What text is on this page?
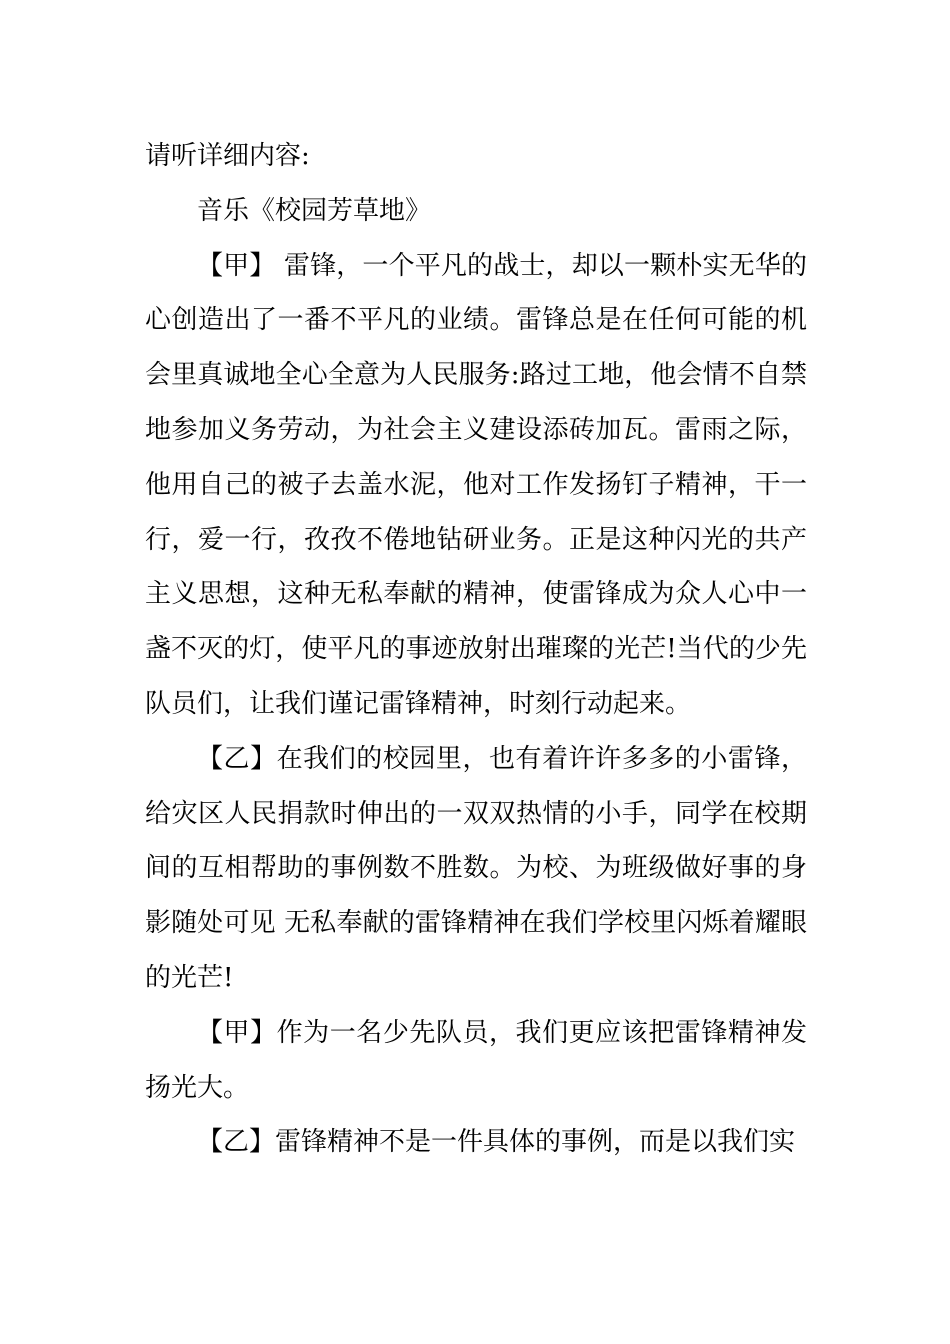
请听详细内容:

音乐《校园芳草地》

【甲】 雷锋，一个平凡的战士，却以一颗朴实无华的心创造出了一番不平凡的业绩。雷锋总是在任何可能的机会里真诚地全心全意为人民服务:路过工地，他会情不自禁地参加义务劳动，为社会主义建设添砖加瓦。雷雨之际，他用自己的被子去盖水泥，他对工作发扬钉子精神，干一行，爱一行，孜孜不倦地钻研业务。正是这种闪光的共产主义思想，这种无私奉献的精神，使雷锋成为众人心中一盏不灭的灯，使平凡的事迹放射出璀璨的光芒!当代的少先队员们，让我们谨记雷锋精神，时刻行动起来。

【乙】在我们的校园里，也有着许许多多的小雷锋，给灾区人民捐款时伸出的一双双热情的小手，同学在校期间的互相帮助的事例数不胜数。为校、为班级做好事的身影随处可见 无私奉献的雷锋精神在我们学校里闪烁着耀眼的光芒!

【甲】作为一名少先队员，我们更应该把雷锋精神发扬光大。

【乙】雷锋精神不是一件具体的事例，而是以我们实
